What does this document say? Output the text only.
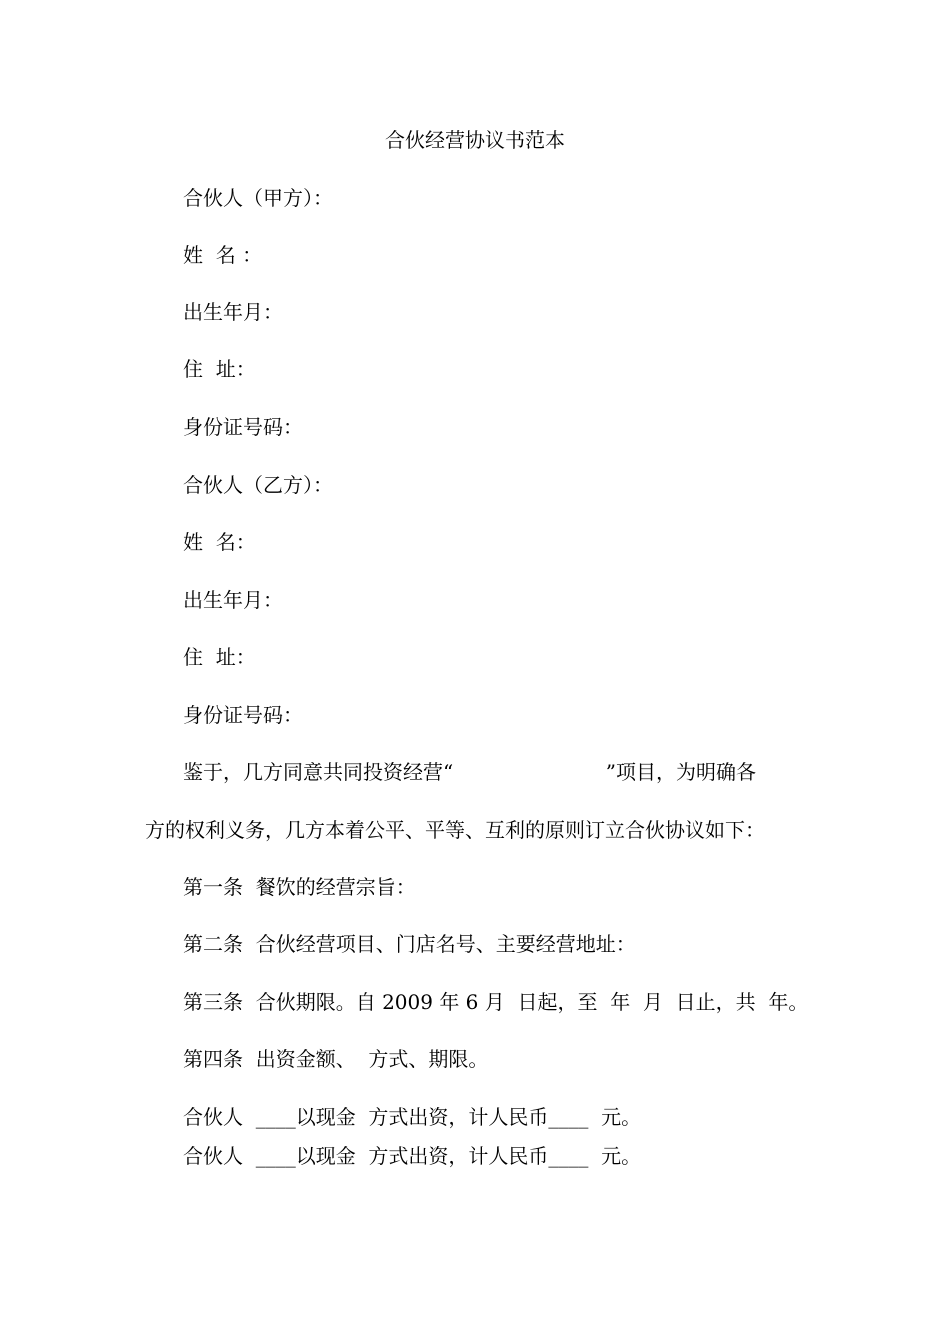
合伙经营协议书范本
合伙人（甲方）：
姓  名 ：
出生年月：
住  址：
身份证号码：
合伙人（乙方）：
姓  名：
出生年月：
住  址：
身份证号码：
鉴于，几方同意共同投资经营“                        ”项目，为明确各
方的权利义务，几方本着公平、平等、互利的原则订立合伙协议如下：
第一条  餐饮的经营宗旨：
第二条  合伙经营项目、门店名号、主要经营地址：
第三条  合伙期限。自 2009 年 6 月  日起，至  年  月  日止，共  年。
第四条  出资金额、  方式、期限。
合伙人  ____以现金  方式出资，计人民币____  元。
合伙人  ____以现金  方式出资，计人民币____  元。
